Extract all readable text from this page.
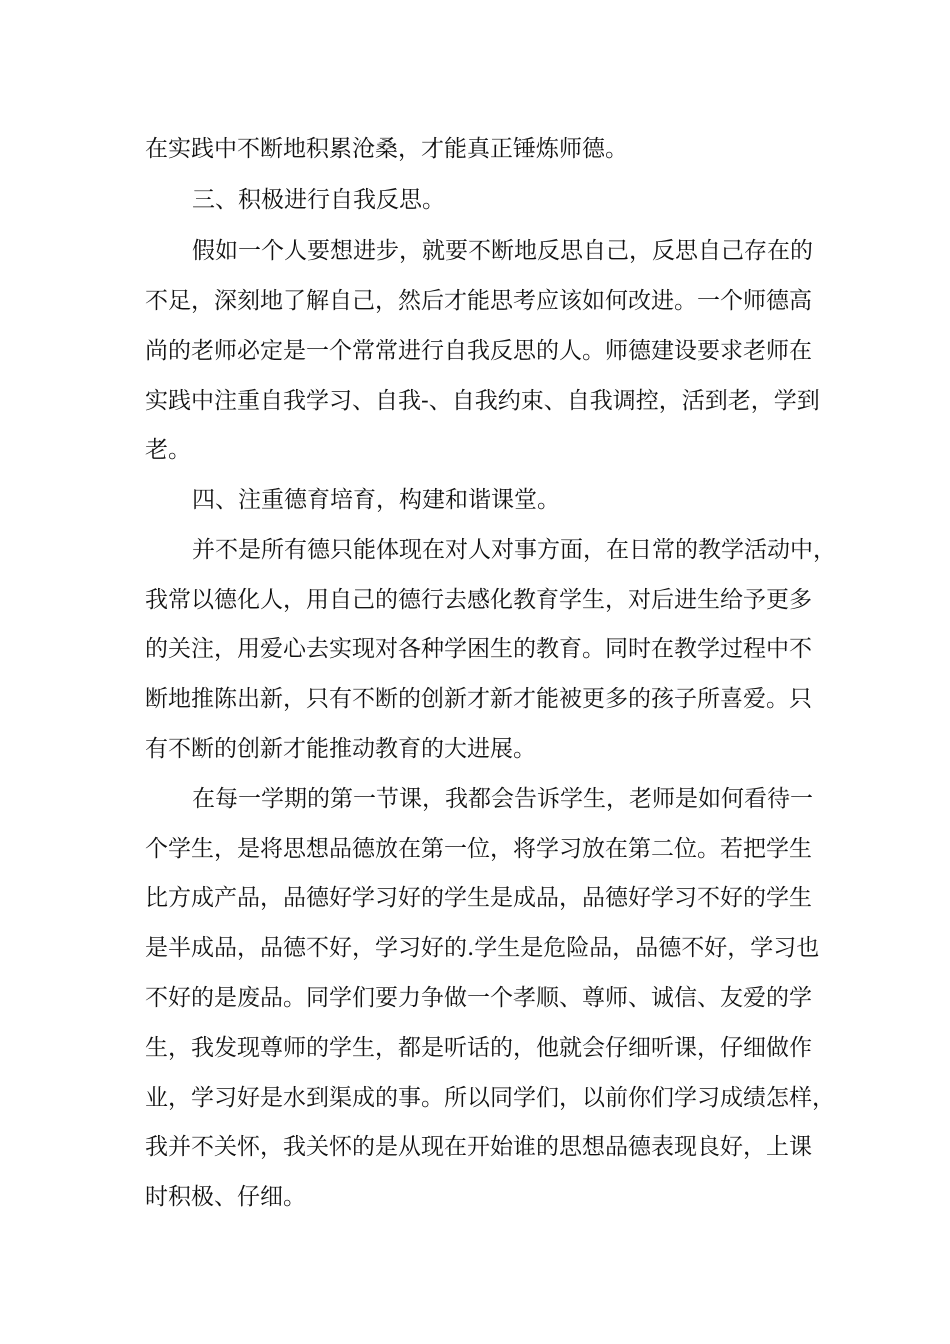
在实践中不断地积累沧桑，才能真正锤炼师德。

三、积极进行自我反思。

假如一个人要想进步，就要不断地反思自己，反思自己存在的

不足，深刻地了解自己，然后才能思考应该如何改进。一个师德高

尚的老师必定是一个常常进行自我反思的人。师德建设要求老师在

实践中注重自我学习、自我-、自我约束、自我调控，活到老，学到

老。

四、注重德育培育，构建和谐课堂。

并不是所有德只能体现在对人对事方面，在日常的教学活动中，

我常以德化人，用自己的德行去感化教育学生，对后进生给予更多

的关注，用爱心去实现对各种学困生的教育。同时在教学过程中不

断地推陈出新，只有不断的创新才新才能被更多的孩子所喜爱。只

有不断的创新才能推动教育的大进展。

在每一学期的第一节课，我都会告诉学生，老师是如何看待一

个学生，是将思想品德放在第一位，将学习放在第二位。若把学生

比方成产品，品德好学习好的学生是成品，品德好学习不好的学生

是半成品，品德不好，学习好的.学生是危险品，品德不好，学习也

不好的是废品。同学们要力争做一个孝顺、尊师、诚信、友爱的学

生，我发现尊师的学生，都是听话的，他就会仔细听课，仔细做作

业，学习好是水到渠成的事。所以同学们，以前你们学习成绩怎样，

我并不关怀，我关怀的是从现在开始谁的思想品德表现良好，上课

时积极、仔细。
